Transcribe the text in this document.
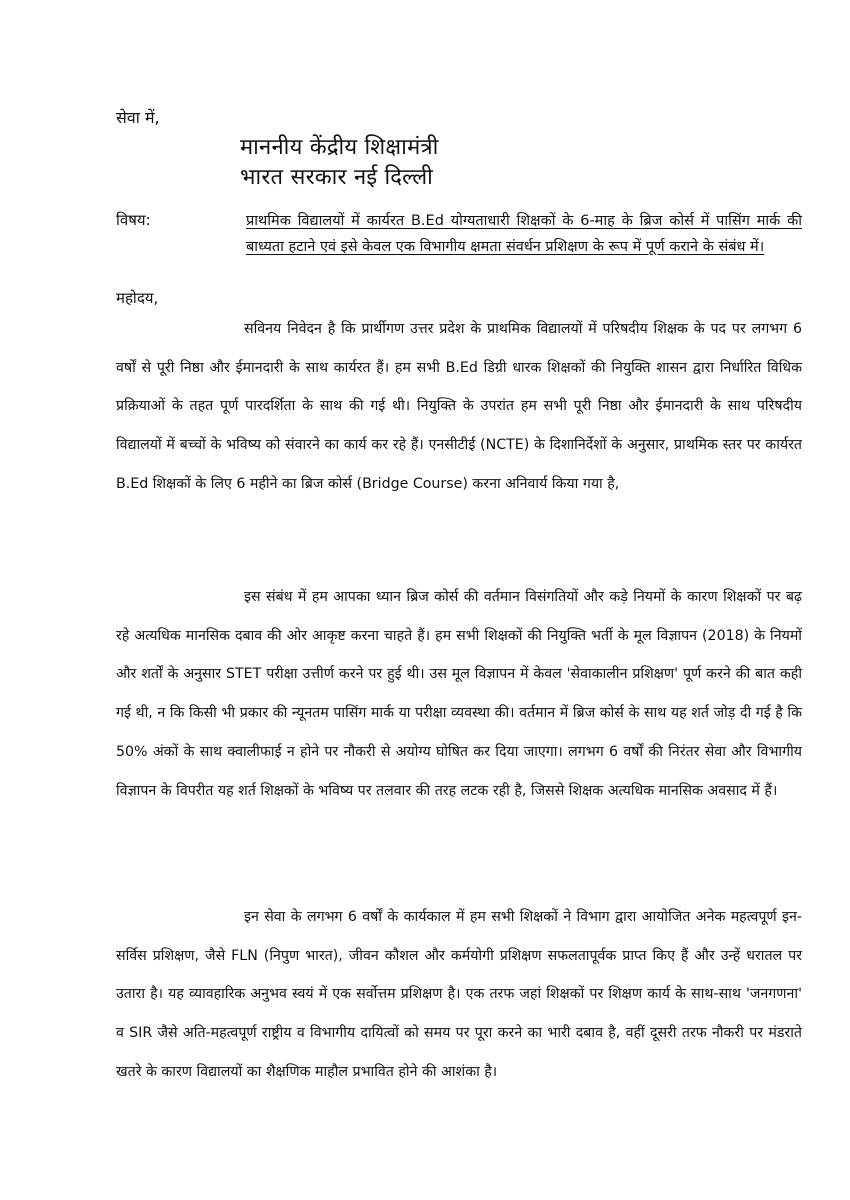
सेवा में,
माननीय केंद्रीय शिक्षामंत्री
भारत सरकार नई दिल्ली
विषय:	प्राथमिक विद्यालयों में कार्यरत B.Ed योग्यताधारी शिक्षकों के 6-माह के ब्रिज कोर्स में पासिंग मार्क की बाध्यता हटाने एवं इसे केवल एक विभागीय क्षमता संवर्धन प्रशिक्षण के रूप में पूर्ण कराने के संबंध में।
महोदय,
सविनय निवेदन है कि प्रार्थीगण उत्तर प्रदेश के प्राथमिक विद्यालयों में परिषदीय शिक्षक के पद पर लगभग 6 वर्षों से पूरी निष्ठा और ईमानदारी के साथ कार्यरत हैं। हम सभी B.Ed डिग्री धारक शिक्षकों की नियुक्ति शासन द्वारा निर्धारित विधिक प्रक्रियाओं के तहत पूर्ण पारदर्शिता के साथ की गई थी। नियुक्ति के उपरांत हम सभी पूरी निष्ठा और ईमानदारी के साथ परिषदीय विद्यालयों में बच्चों के भविष्य को संवारने का कार्य कर रहे हैं। एनसीटीई (NCTE) के दिशानिर्देशों के अनुसार, प्राथमिक स्तर पर कार्यरत B.Ed शिक्षकों के लिए 6 महीने का ब्रिज कोर्स (Bridge Course) करना अनिवार्य किया गया है,
इस संबंध में हम आपका ध्यान ब्रिज कोर्स की वर्तमान विसंगतियों और कड़े नियमों के कारण शिक्षकों पर बढ़ रहे अत्यधिक मानसिक दबाव की ओर आकृष्ट करना चाहते हैं। हम सभी शिक्षकों की नियुक्ति भर्ती के मूल विज्ञापन (2018) के नियमों और शर्तों के अनुसार STET परीक्षा उत्तीर्ण करने पर हुई थी। उस मूल विज्ञापन में केवल 'सेवाकालीन प्रशिक्षण' पूर्ण करने की बात कही गई थी, न कि किसी भी प्रकार की न्यूनतम पासिंग मार्क या परीक्षा व्यवस्था की। वर्तमान में ब्रिज कोर्स के साथ यह शर्त जोड़ दी गई है कि 50% अंकों के साथ क्वालीफाई न होने पर नौकरी से अयोग्य घोषित कर दिया जाएगा। लगभग 6 वर्षों की निरंतर सेवा और विभागीय विज्ञापन के विपरीत यह शर्त शिक्षकों के भविष्य पर तलवार की तरह लटक रही है, जिससे शिक्षक अत्यधिक मानसिक अवसाद में हैं।
इन सेवा के लगभग 6 वर्षों के कार्यकाल में हम सभी शिक्षकों ने विभाग द्वारा आयोजित अनेक महत्वपूर्ण इन-सर्विस प्रशिक्षण, जैसे FLN (निपुण भारत), जीवन कौशल और कर्मयोगी प्रशिक्षण सफलतापूर्वक प्राप्त किए हैं और उन्हें धरातल पर उतारा है। यह व्यावहारिक अनुभव स्वयं में एक सर्वोत्तम प्रशिक्षण है। एक तरफ जहां शिक्षकों पर शिक्षण कार्य के साथ-साथ 'जनगणना' व SIR जैसे अति-महत्वपूर्ण राष्ट्रीय व विभागीय दायित्वों को समय पर पूरा करने का भारी दबाव है, वहीं दूसरी तरफ नौकरी पर मंडराते खतरे के कारण विद्यालयों का शैक्षणिक माहौल प्रभावित होने की आशंका है।
